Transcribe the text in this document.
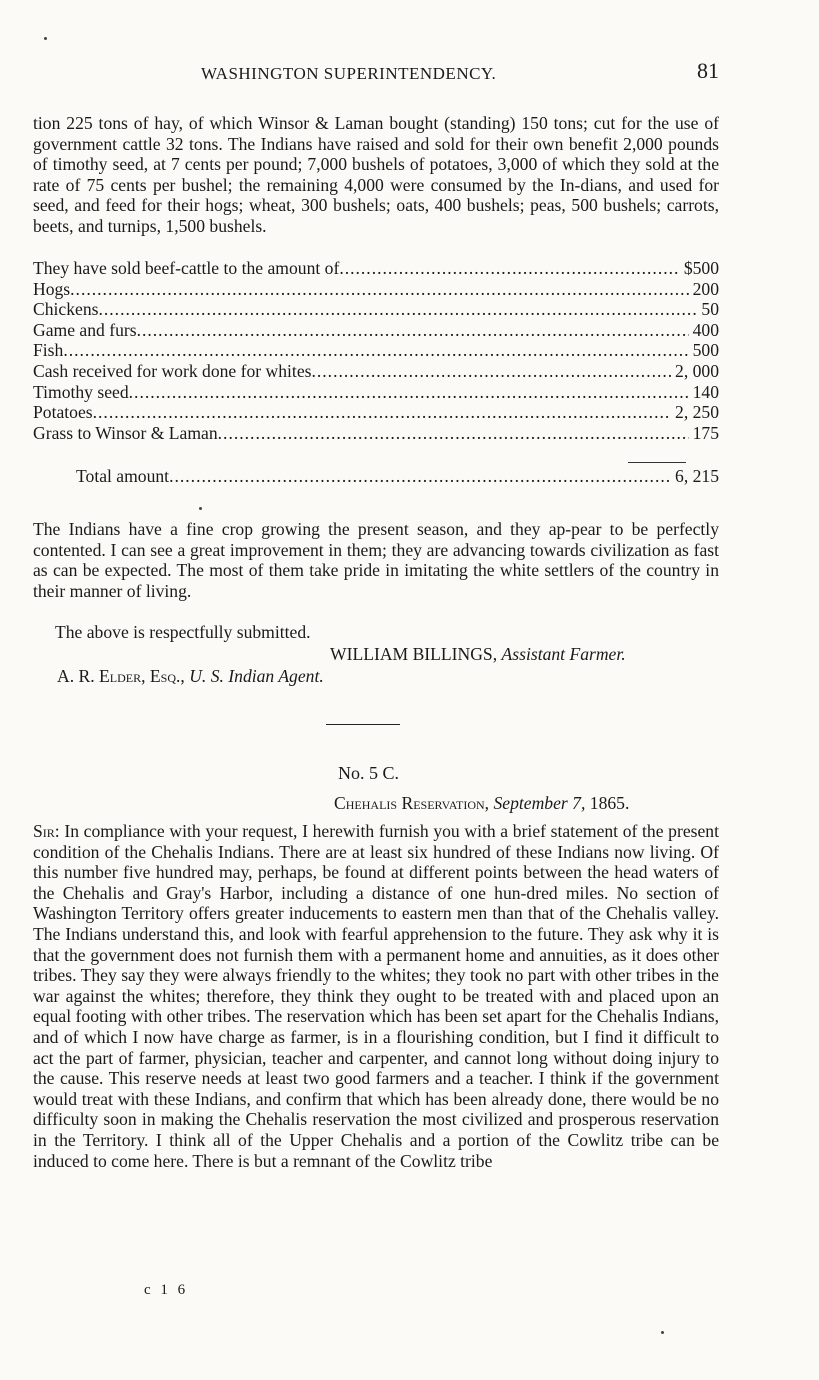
WASHINGTON SUPERINTENDENCY.	81

tion 225 tons of hay, of which Winsor & Laman bought (standing) 150 tons; cut for the use of government cattle 32 tons. The Indians have raised and sold for their own benefit 2,000 pounds of timothy seed, at 7 cents per pound; 7,000 bushels of potatoes, 3,000 of which they sold at the rate of 75 cents per bushel; the remaining 4,000 were consumed by the In-dians, and used for seed, and feed for their hogs; wheat, 300 bushels; oats, 400 bushels; peas, 500 bushels; carrots, beets, and turnips, 1,500 bushels.

They have sold beef-cattle to the amount of .....	$500
Hogs .....	200
Chickens .....	50
Game and furs .....	400
Fish .....	500
Cash received for work done for whites .....	2, 000
Timothy seed .....	140
Potatoes .....	2, 250
Grass to Winsor & Laman .....	175
Total amount .....	6, 215

The Indians have a fine crop growing the present season, and they ap-pear to be perfectly contented. I can see a great improvement in them; they are advancing towards civilization as fast as can be expected. The most of them take pride in imitating the white settlers of the country in their manner of living.

The above is respectfully submitted.
WILLIAM BILLINGS, Assistant Farmer.
A. R. Elder, Esq., U. S. Indian Agent.
No. 5 C.
Chehalis Reservation, September 7, 1865.

Sir: In compliance with your request, I herewith furnish you with a brief statement of the present condition of the Chehalis Indians. There are at least six hundred of these Indians now living. Of this number five hundred may, perhaps, be found at different points between the head waters of the Chehalis and Gray's Harbor, including a distance of one hun-dred miles. No section of Washington Territory offers greater inducements to eastern men than that of the Chehalis valley. The Indians understand this, and look with fearful apprehension to the future. They ask why it is that the government does not furnish them with a permanent home and annuities, as it does other tribes. They say they were always friendly to the whites; they took no part with other tribes in the war against the whites; therefore, they think they ought to be treated with and placed upon an equal footing with other tribes. The reservation which has been set apart for the Chehalis Indians, and of which I now have charge as farmer, is in a flourishing condition, but I find it difficult to act the part of farmer, physician, teacher and carpenter, and cannot long without doing injury to the cause. This reserve needs at least two good farmers and a teacher. I think if the government would treat with these Indians, and confirm that which has been already done, there would be no difficulty soon in making the Chehalis reservation the most civilized and prosperous reservation in the Territory. I think all of the Upper Chehalis and a portion of the Cowlitz tribe can be induced to come here. There is but a remnant of the Cowlitz tribe

c 1 6
